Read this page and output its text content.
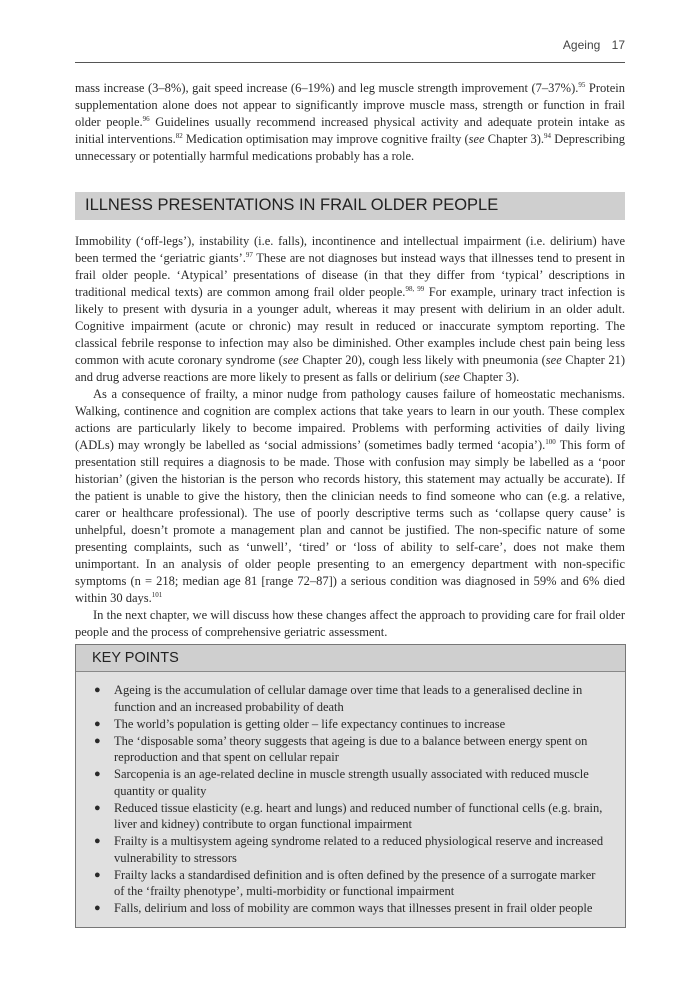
Ageing 17

mass increase (3–8%), gait speed increase (6–19%) and leg muscle strength improvement (7–37%).$^{95}$ Protein supplementation alone does not appear to significantly improve muscle mass, strength or function in frail older people.$^{96}$ Guidelines usually recommend increased physical activity and adequate protein intake as initial interventions.$^{82}$ Medication optimisation may improve cognitive frailty (see Chapter 3).$^{94}$ Deprescribing unnecessary or potentially harmful medications probably has a role.

ILLNESS PRESENTATIONS IN FRAIL OLDER PEOPLE

Immobility (‘off-legs’), instability (i.e. falls), incontinence and intellectual impairment (i.e. delirium) have been termed the ‘geriatric giants’.$^{97}$ These are not diagnoses but instead ways that illnesses tend to present in frail older people. ‘Atypical’ presentations of disease (in that they differ from ‘typical’ descriptions in traditional medical texts) are common among frail older people.$^{98, 99}$ For example, urinary tract infection is likely to present with dysuria in a younger adult, whereas it may present with delirium in an older adult. Cognitive impairment (acute or chronic) may result in reduced or inaccurate symptom reporting. The classical febrile response to infection may also be diminished. Other examples include chest pain being less common with acute coronary syndrome (see Chapter 20), cough less likely with pneumonia (see Chapter 21) and drug adverse reactions are more likely to present as falls or delirium (see Chapter 3).

As a consequence of frailty, a minor nudge from pathology causes failure of homeostatic mechanisms. Walking, continence and cognition are complex actions that take years to learn in our youth. These complex actions are particularly likely to become impaired. Problems with performing activities of daily living (ADLs) may wrongly be labelled as ‘social admissions’ (sometimes badly termed ‘acopia’).$^{100}$ This form of presentation still requires a diagnosis to be made. Those with confusion may simply be labelled as a ‘poor historian’ (given the historian is the person who records history, this statement may actually be accurate). If the patient is unable to give the history, then the clinician needs to find someone who can (e.g. a relative, carer or healthcare professional). The use of poorly descriptive terms such as ‘collapse query cause’ is unhelpful, doesn’t promote a management plan and cannot be justified. The non-specific nature of some presenting complaints, such as ‘unwell’, ‘tired’ or ‘loss of ability to self-care’, does not make them unimportant. In an analysis of older people presenting to an emergency department with non-specific symptoms (n = 218; median age 81 [range 72–87]) a serious condition was diagnosed in 59% and 6% died within 30 days.$^{101}$

In the next chapter, we will discuss how these changes affect the approach to providing care for frail older people and the process of comprehensive geriatric assessment.

KEY POINTS
● Ageing is the accumulation of cellular damage over time that leads to a generalised decline in function and an increased probability of death
● The world’s population is getting older – life expectancy continues to increase
● The ‘disposable soma’ theory suggests that ageing is due to a balance between energy spent on reproduction and that spent on cellular repair
● Sarcopenia is an age-related decline in muscle strength usually associated with reduced muscle quantity or quality
● Reduced tissue elasticity (e.g. heart and lungs) and reduced number of functional cells (e.g. brain, liver and kidney) contribute to organ functional impairment
● Frailty is a multisystem ageing syndrome related to a reduced physiological reserve and increased vulnerability to stressors
● Frailty lacks a standardised definition and is often defined by the presence of a surrogate marker of the ‘frailty phenotype’, multi-morbidity or functional impairment
● Falls, delirium and loss of mobility are common ways that illnesses present in frail older people
